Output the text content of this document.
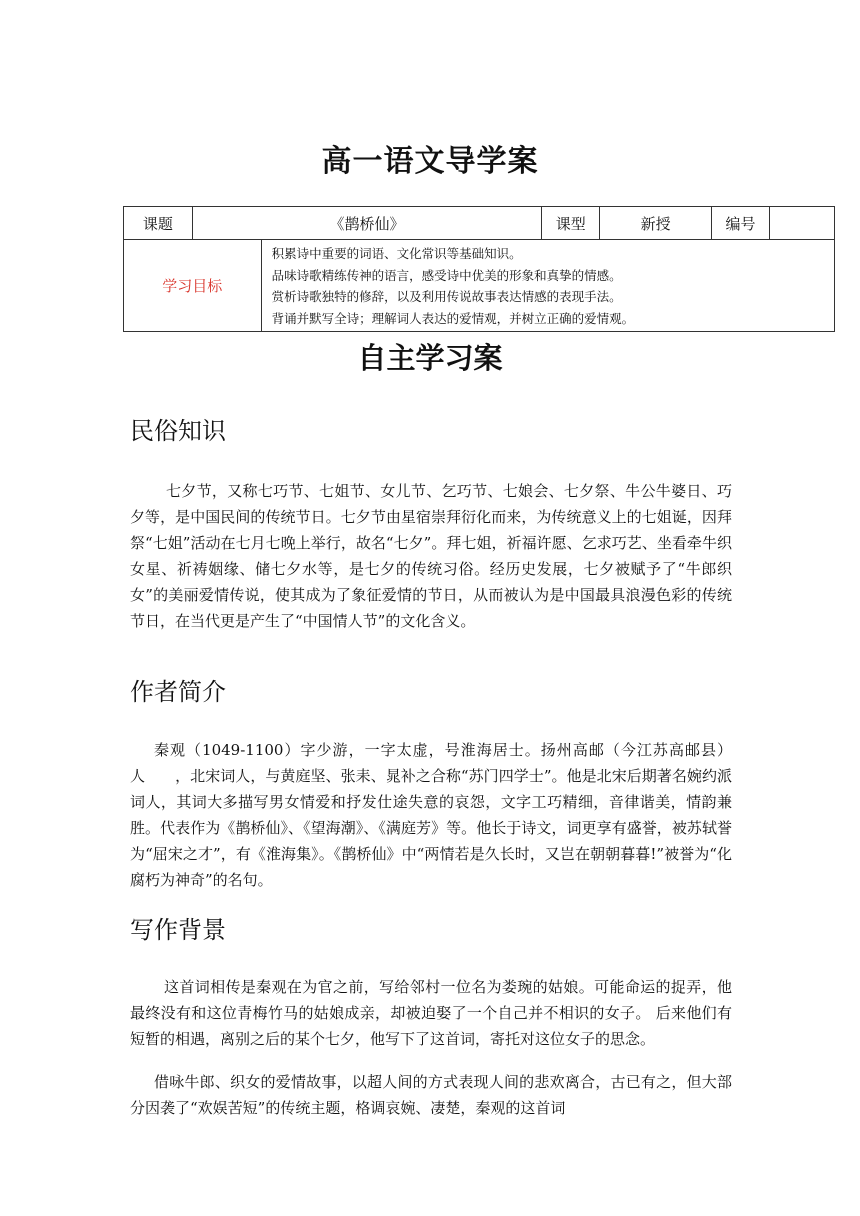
高一语文导学案
课题	《鹊桥仙》		课型	新授	编号	
学习目标		积累诗中重要的词语、文化常识等基础知识。
品味诗歌精练传神的语言，感受诗中优美的形象和真挚的情感。
赏析诗歌独特的修辞，以及利用传说故事表达情感的表现手法。
背诵并默写全诗；理解词人表达的爱情观，并树立正确的爱情观。				
自主学习案
民俗知识
七夕节，又称七巧节、七姐节、女儿节、乞巧节、七娘会、七夕祭、牛公牛婆日、巧夕等，是中国民间的传统节日。七夕节由星宿崇拜衍化而来，为传统意义上的七姐诞，因拜祭“七姐”活动在七月七晚上举行，故名“七夕”。拜七姐，祈福许愿、乞求巧艺、坐看牵牛织女星、祈祷姻缘、储七夕水等，是七夕的传统习俗。经历史发展，七夕被赋予了“牛郎织女”的美丽爱情传说，使其成为了象征爱情的节日，从而被认为是中国最具浪漫色彩的传统节日，在当代更是产生了“中国情人节”的文化含义。
作者简介
秦观（1049-1100）字少游，一字太虚，号淮海居士。扬州高邮（今江苏高邮县）人　　，北宋词人，与黄庭坚、张耒、晁补之合称“苏门四学士”。他是北宋后期著名婉约派词人，其词大多描写男女情爱和抒发仕途失意的哀怨，文字工巧精细，音律谐美，情韵兼胜。代表作为《鹊桥仙》、《望海潮》、《满庭芳》等。他长于诗文，词更享有盛誉，被苏轼誉为“屈宋之才”，有《淮海集》。《鹊桥仙》中“两情若是久长时，又岂在朝朝暮暮!”被誉为“化腐朽为神奇”的名句。
写作背景
这首词相传是秦观在为官之前，写给邻村一位名为娄琬的姑娘。可能命运的捉弄，他最终没有和这位青梅竹马的姑娘成亲，却被迫娶了一个自己并不相识的女子。 后来他们有短暂的相遇，离别之后的某个七夕，他写下了这首词，寄托对这位女子的思念。
借咏牛郎、织女的爱情故事，以超人间的方式表现人间的悲欢离合，古已有之，但大部分因袭了“欢娱苦短”的传统主题，格调哀婉、凄楚，秦观的这首词
